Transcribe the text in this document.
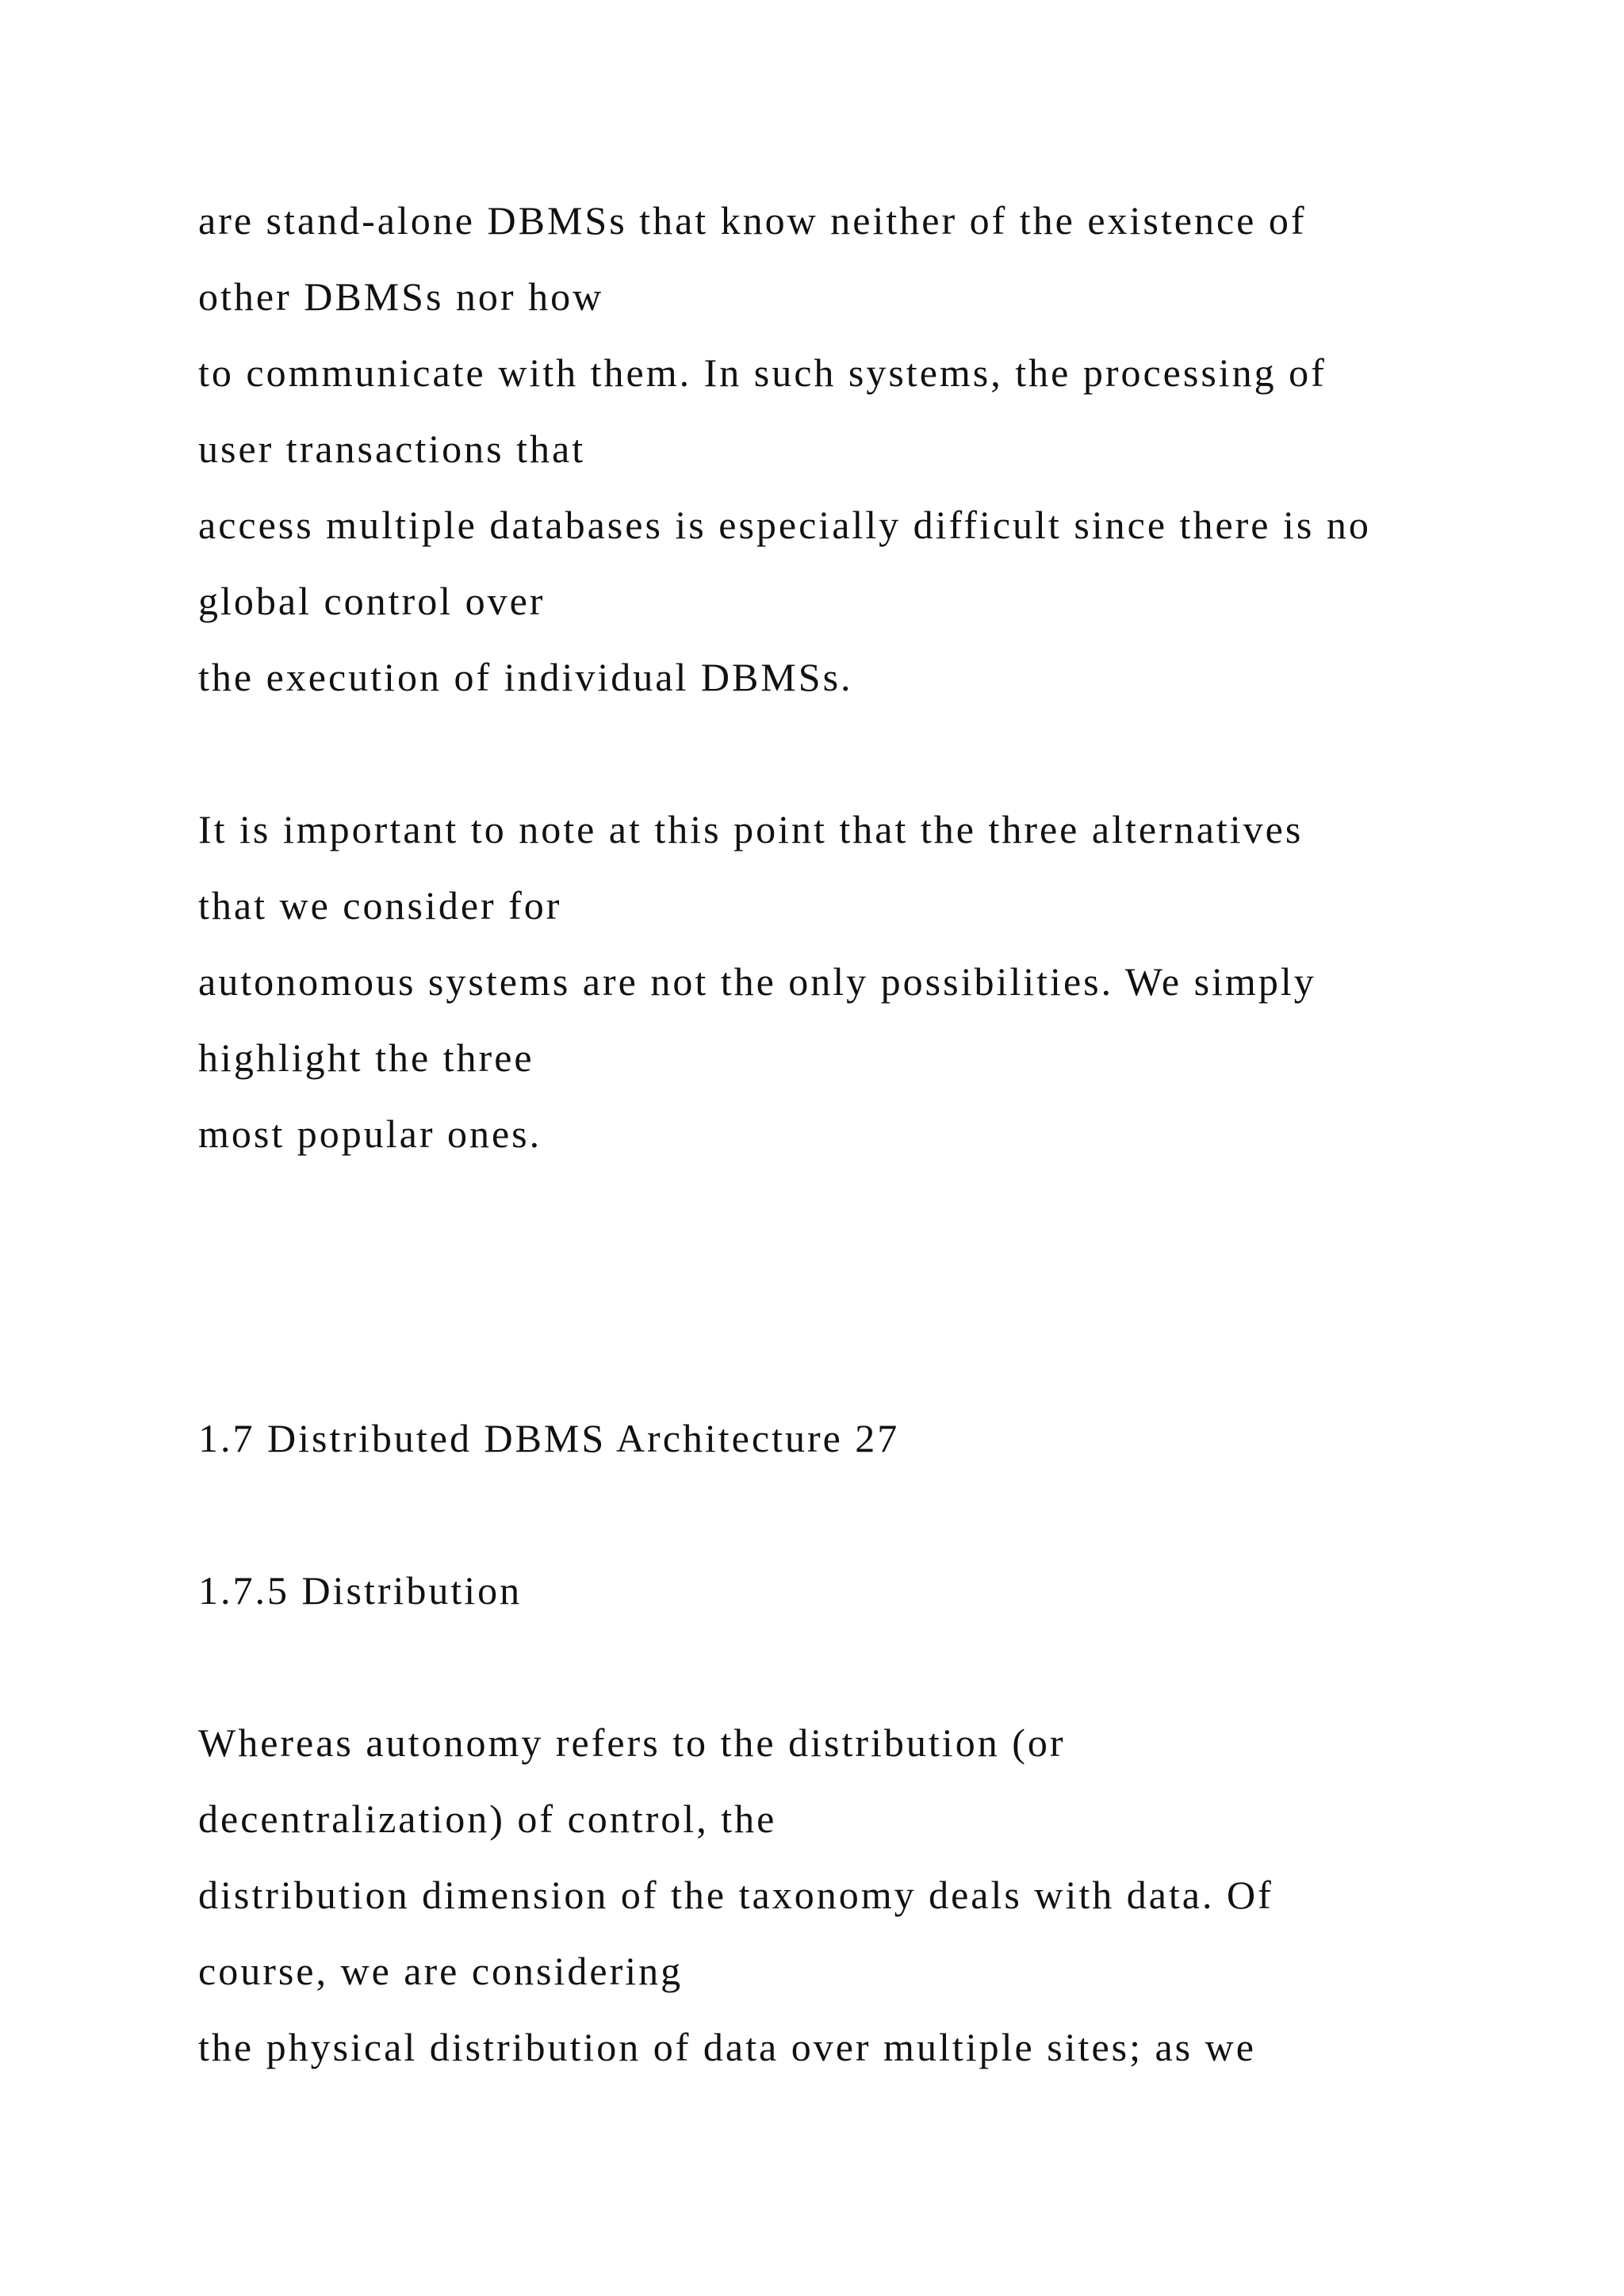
are stand-alone DBMSs that know neither of the existence of

other DBMSs nor how

to communicate with them. In such systems, the processing of

user transactions that

access multiple databases is especially difficult since there is no

global control over

the execution of individual DBMSs.

It is important to note at this point that the three alternatives

that we consider for

autonomous systems are not the only possibilities. We simply

highlight the three

most popular ones.

1.7 Distributed DBMS Architecture 27

1.7.5 Distribution

Whereas autonomy refers to the distribution (or

decentralization) of control, the

distribution dimension of the taxonomy deals with data. Of

course, we are considering

the physical distribution of data over multiple sites; as we
